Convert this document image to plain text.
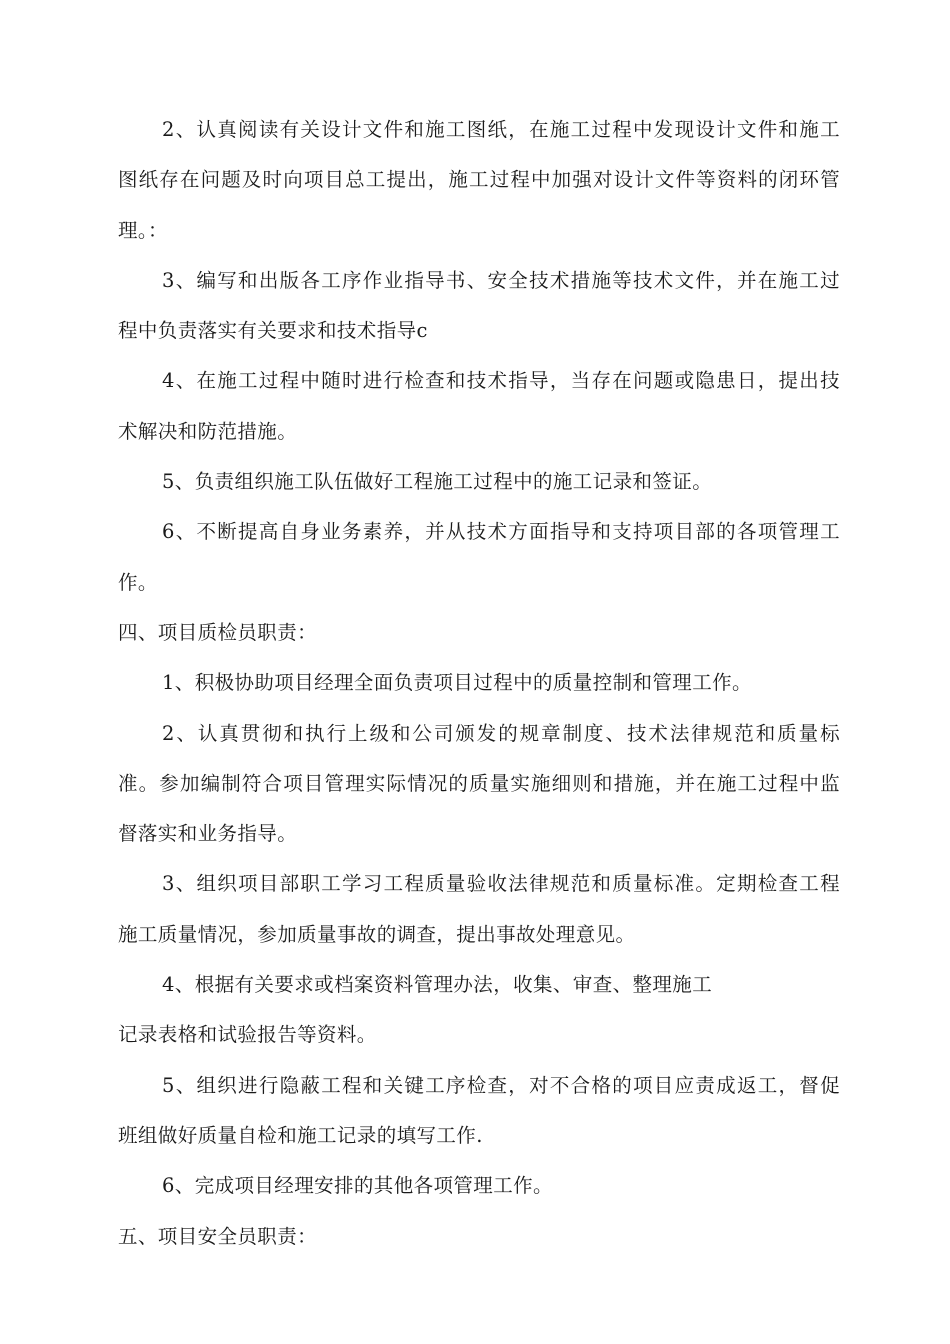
2、认真阅读有关设计文件和施工图纸，在施工过程中发现设计文件和施工
图纸存在问题及时向项目总工提出，施工过程中加强对设计文件等资料的闭环管
理。：
3、编写和出版各工序作业指导书、安全技术措施等技术文件，并在施工过
程中负责落实有关要求和技术指导c
4、在施工过程中随时进行检查和技术指导，当存在问题或隐患日，提出技
术解决和防范措施。
5、负责组织施工队伍做好工程施工过程中的施工记录和签证。
6、不断提高自身业务素养，并从技术方面指导和支持项目部的各项管理工
作。
四、项目质检员职责：
1、积极协助项目经理全面负责项目过程中的质量控制和管理工作。
2、认真贯彻和执行上级和公司颁发的规章制度、技术法律规范和质量标
准。参加编制符合项目管理实际情况的质量实施细则和措施，并在施工过程中监
督落实和业务指导。
3、组织项目部职工学习工程质量验收法律规范和质量标准。定期检查工程
施工质量情况，参加质量事故的调查，提出事故处理意见。
4、根据有关要求或档案资料管理办法，收集、审查、整理施工
记录表格和试验报告等资料。
5、组织进行隐蔽工程和关键工序检查，对不合格的项目应责成返工，督促
班组做好质量自检和施工记录的填写工作.
6、完成项目经理安排的其他各项管理工作。
五、项目安全员职责：
